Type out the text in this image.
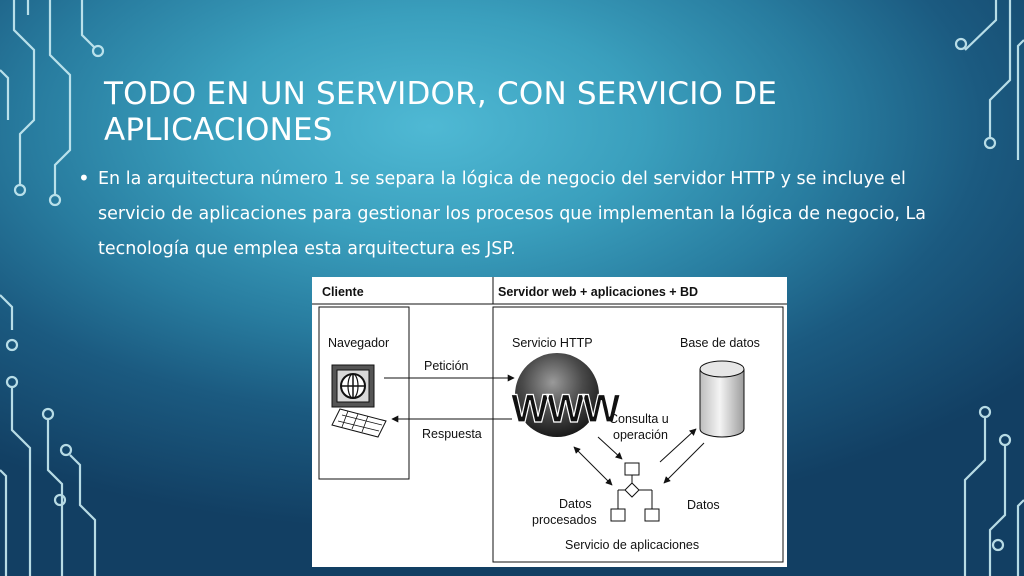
TODO EN UN SERVIDOR, CON SERVICIO DE APLICACIONES
• En la arquitectura número 1 se separa la lógica de negocio del servidor HTTP y se incluye el servicio de aplicaciones para gestionar los procesos que implementan la lógica de negocio, La tecnología que emplea esta arquitectura es JSP.

Cliente	Servidor web + aplicaciones + BD
Navegador
Petición
Respuesta
Servicio HTTP
WWW
Base de datos
Consulta u
operación
Datos
procesados
Datos
Servicio de aplicaciones
